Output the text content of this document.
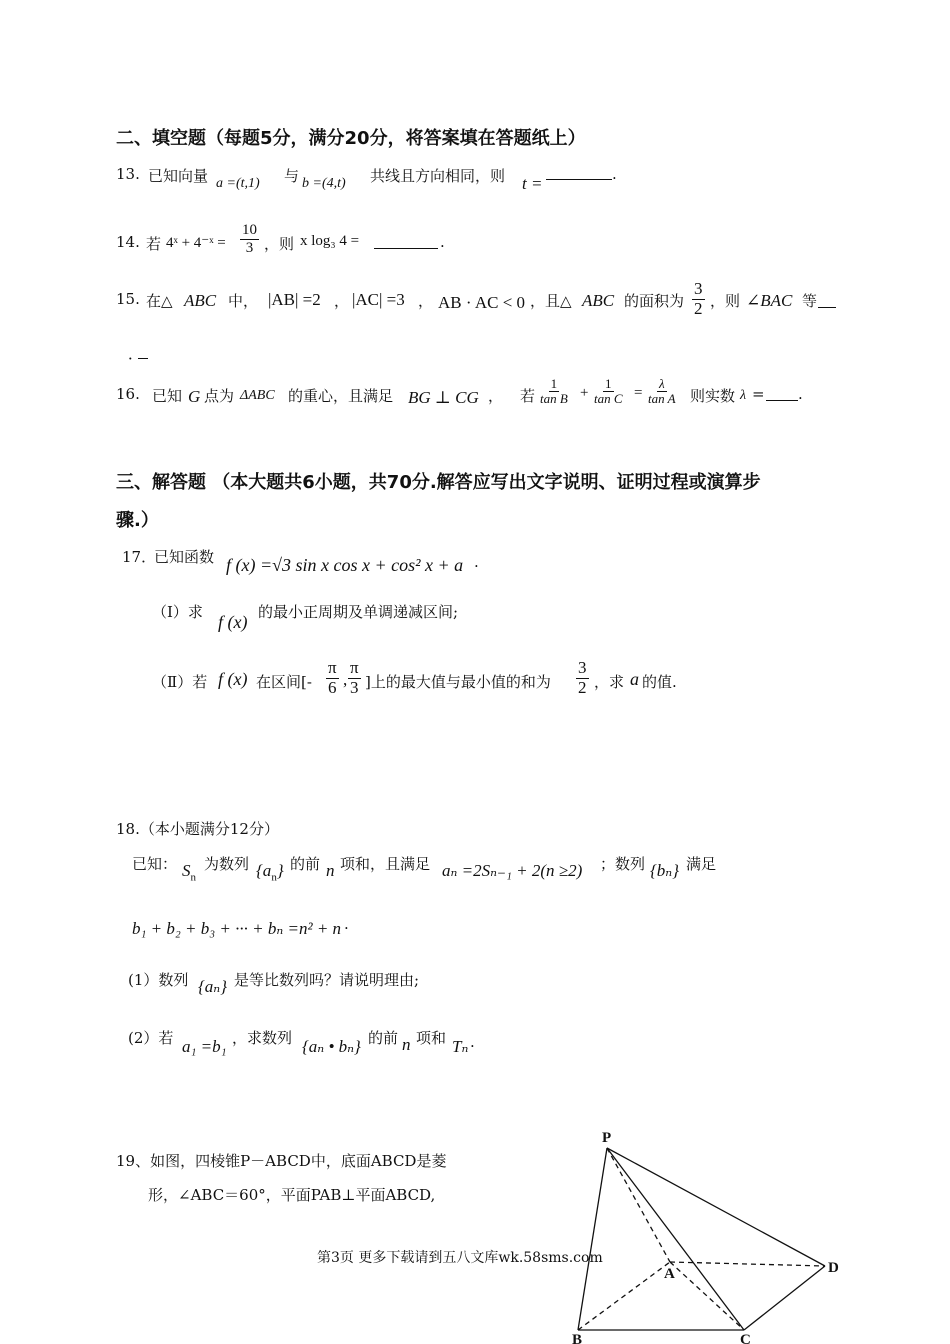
二、填空题（每题5分，满分20分，将答案填在答题纸上）
13. 已知向量 a =(t,1) 与 b =(4,t) 共线且方向相同，则 t =	.
14. 若 4ˣ + 4⁻ˣ = $\frac{10}{3}$ ，则 x log₃ 4 =	.
15. 在△ ABC 中， |AB| =2 ， |AC| =3 ， AB · AC < 0 ，且△ ABC 的面积为 $\frac{3}{2}$ ，则 ∠BAC 等
．
16. 已知 G 点为 ΔABC 的重心，且满足 BG ⊥ CG ， 若 $\frac{1}{\text{tan B}} + \frac{1}{\text{tan C}} = \frac{\lambda}{\text{tan A}}$ 则实数 λ = .
三、解答题 （本大题共6小题，共70分.解答应写出文字说明、证明过程或演算步
骤.）
17．
已知函数 f (x) =√3 sin x cos x + cos² x + a .
（Ⅰ）求 f (x) 的最小正周期及单调递减区间;
（Ⅱ）若 f (x) 在区间[- $\frac{\pi}{6}$ , $\frac{\pi}{3}$ ]上的最大值与最小值的和为 $\frac{3}{2}$ ，求 a 的值.
18.（本小题满分12分）
已知： $S_n$
为数列 $\{a_n\}$ 的前 n 项和，且满足 aₙ =2Sₙ₋₁ + 2(n ≥2) ；数列 {bₙ} 满足
b₁ + b₂ + b₃ + ··· + bₙ =n² + n .
(1）数列 {aₙ} 是等比数列吗？请说明理由;
(2）若 a₁ =b₁ ，求数列 {aₙ • bₙ} 的前 n 项和 Tₙ .
19、如图，四棱锥P－ABCD中，底面ABCD是菱
形，∠ABC＝60°，平面PAB⊥平面ABCD,
P
A
B	C
D
第3页 更多下载请到五八文库wk.58sms.com
